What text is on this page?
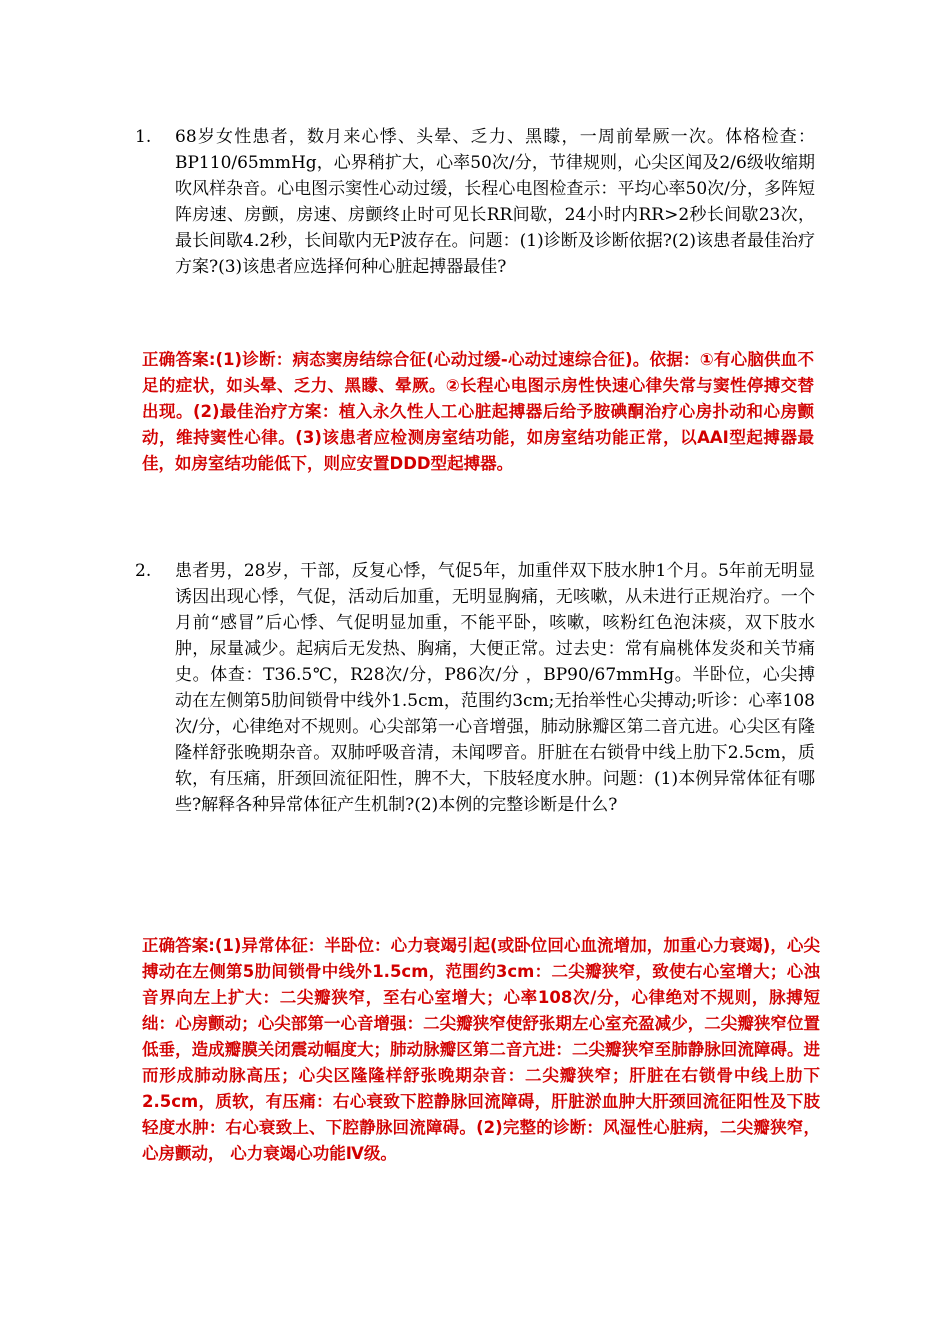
1. 68岁女性患者，数月来心悸、头晕、乏力、黑矇，一周前晕厥一次。体格检查：BP110/65mmHg，心界稍扩大，心率50次/分，节律规则，心尖区闻及2/6级收缩期吹风样杂音。心电图示窦性心动过缓，长程心电图检查示：平均心率50次/分，多阵短阵房速、房颤，房速、房颤终止时可见长RR间歇，24小时内RR>2秒长间歇23次，最长间歇4.2秒，长间歇内无P波存在。问题：(1)诊断及诊断依据?(2)该患者最佳治疗方案?(3)该患者应选择何种心脏起搏器最佳?
正确答案:(1)诊断：病态窦房结综合征(心动过缓-心动过速综合征)。依据：①有心脑供血不足的症状，如头晕、乏力、黑矇、晕厥。②长程心电图示房性快速心律失常与窦性停搏交替出现。(2)最佳治疗方案：植入永久性人工心脏起搏器后给予胺碘酮治疗心房扑动和心房颤动，维持窦性心律。(3)该患者应检测房室结功能，如房室结功能正常，以AAI型起搏器最佳，如房室结功能低下，则应安置DDD型起搏器。
2. 患者男，28岁，干部，反复心悸，气促5年，加重伴双下肢水肿1个月。5年前无明显诱因出现心悸，气促，活动后加重，无明显胸痛，无咳嗽，从未进行正规治疗。一个月前“感冒”后心悸、气促明显加重，不能平卧，咳嗽，咳粉红色泡沫痰，双下肢水肿，尿量减少。起病后无发热、胸痛，大便正常。过去史：常有扁桃体发炎和关节痛史。体查：T36.5℃，R28次/分，P86次/分 ，BP90/67mmHg。半卧位，心尖搏动在左侧第5肋间锁骨中线外1.5cm，范围约3cm;无抬举性心尖搏动;听诊：心率108次/分，心律绝对不规则。心尖部第一心音增强，肺动脉瓣区第二音亢进。心尖区有隆隆样舒张晚期杂音。双肺呼吸音清，未闻啰音。肝脏在右锁骨中线上肋下2.5cm，质软，有压痛，肝颈回流征阳性，脾不大，下肢轻度水肿。问题：(1)本例异常体征有哪些?解释各种异常体征产生机制?(2)本例的完整诊断是什么?
正确答案:(1)异常体征：半卧位：心力衰竭引起(或卧位回心血流增加，加重心力衰竭)，心尖搏动在左侧第5肋间锁骨中线外1.5cm，范围约3cm：二尖瓣狭窄，致使右心室增大；心浊音界向左上扩大：二尖瓣狭窄，至右心室增大；心率108次/分，心律绝对不规则，脉搏短绌：心房颤动；心尖部第一心音增强：二尖瓣狭窄使舒张期左心室充盈减少，二尖瓣狭窄位置低垂，造成瓣膜关闭震动幅度大；肺动脉瓣区第二音亢进：二尖瓣狭窄至肺静脉回流障碍。进而形成肺动脉高压；心尖区隆隆样舒张晚期杂音：二尖瓣狭窄；肝脏在右锁骨中线上肋下2.5cm，质软，有压痛：右心衰致下腔静脉回流障碍，肝脏淤血肿大肝颈回流征阳性及下肢轻度水肿：右心衰致上、下腔静脉回流障碍。(2)完整的诊断：风湿性心脏病，二尖瓣狭窄，心房颤动， 心力衰竭心功能Ⅳ级。
